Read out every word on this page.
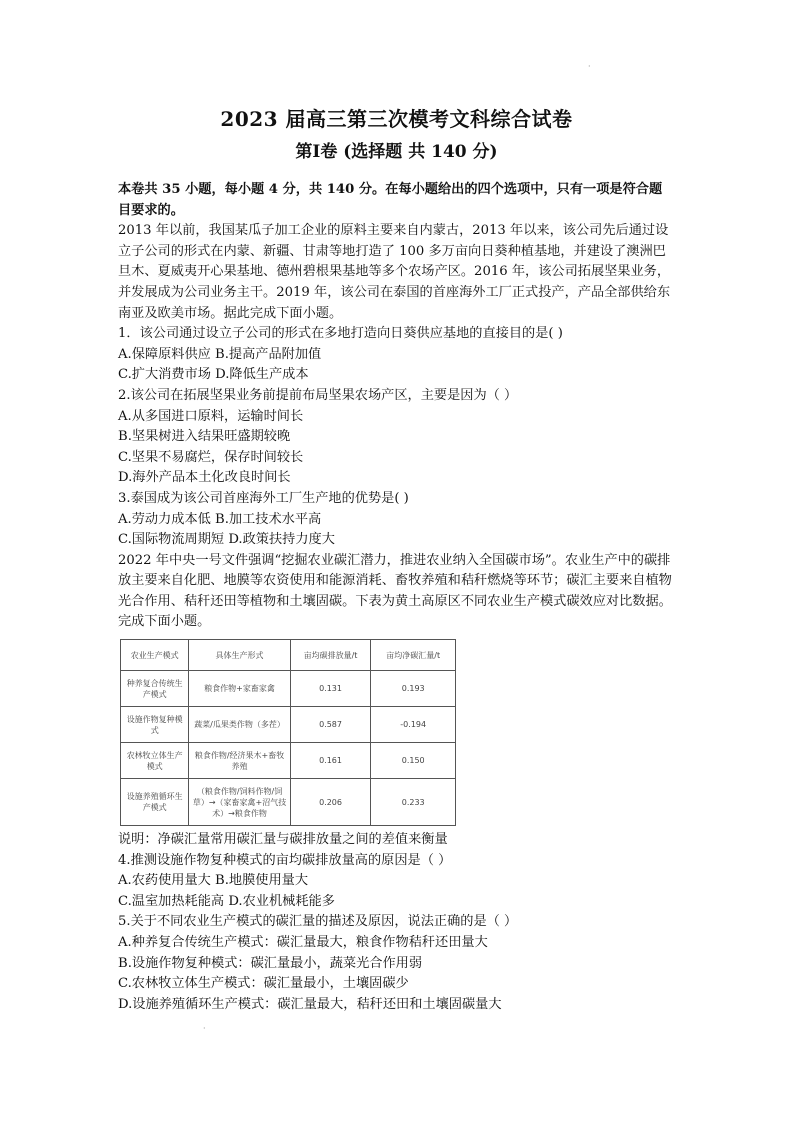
·
·
2023 届高三第三次模考文科综合试卷
第Ⅰ卷 (选择题 共 140 分)

本卷共 35 小题，每小题 4 分，共 140 分。在每小题给出的四个选项中，只有一项是符合题目要求的。

2013 年以前，我国某瓜子加工企业的原料主要来自内蒙古，2013 年以来，该公司先后通过设立子公司的形式在内蒙、新疆、甘肃等地打造了 100 多万亩向日葵种植基地，并建设了澳洲巴旦木、夏威夷开心果基地、德州碧根果基地等多个农场产区。2016 年，该公司拓展坚果业务，并发展成为公司业务主干。2019 年，该公司在泰国的首座海外工厂正式投产，产品全部供给东南亚及欧美市场。据此完成下面小题。

1．该公司通过设立子公司的形式在多地打造向日葵供应基地的直接目的是( )

A.保障原料供应 B.提高产品附加值

C.扩大消费市场 D.降低生产成本

2.该公司在拓展坚果业务前提前布局坚果农场产区，主要是因为（ ）

A.从多国进口原料，运输时间长

B.坚果树进入结果旺盛期较晚

C.坚果不易腐烂，保存时间较长

D.海外产品本土化改良时间长

3.泰国成为该公司首座海外工厂生产地的优势是( )

A.劳动力成本低 B.加工技术水平高

C.国际物流周期短 D.政策扶持力度大

2022 年中央一号文件强调“挖掘农业碳汇潜力，推进农业纳入全国碳市场”。农业生产中的碳排放主要来自化肥、地膜等农资使用和能源消耗、畜牧养殖和秸秆燃烧等环节；碳汇主要来自植物光合作用、秸秆还田等植物和土壤固碳。下表为黄土高原区不同农业生产模式碳效应对比数据。完成下面小题。

农业生产模式	具体生产形式	亩均碳排放量/t	亩均净碳汇量/t
种养复合传统生产模式	粮食作物+家畜家禽	0.131	0.193
设施作物复种模式	蔬菜/瓜果类作物（多茬）	0.587	-0.194
农林牧立体生产模式	粮食作物/经济果木+畜牧养殖	0.161	0.150
设施养殖循环生产模式	（粮食作物/饲料作物/饲草）→（家畜家禽+沼气技术）→粮食作物	0.206	0.233

说明：净碳汇量常用碳汇量与碳排放量之间的差值来衡量

4.推测设施作物复种模式的亩均碳排放量高的原因是（ ）

A.农药使用量大 B.地膜使用量大

C.温室加热耗能高 D.农业机械耗能多

5.关于不同农业生产模式的碳汇量的描述及原因，说法正确的是（ ）

A.种养复合传统生产模式：碳汇量最大，粮食作物秸秆还田量大

B.设施作物复种模式：碳汇量最小，蔬菜光合作用弱

C.农林牧立体生产模式：碳汇量最小，土壤固碳少

D.设施养殖循环生产模式：碳汇量最大，秸秆还田和土壤固碳量大
